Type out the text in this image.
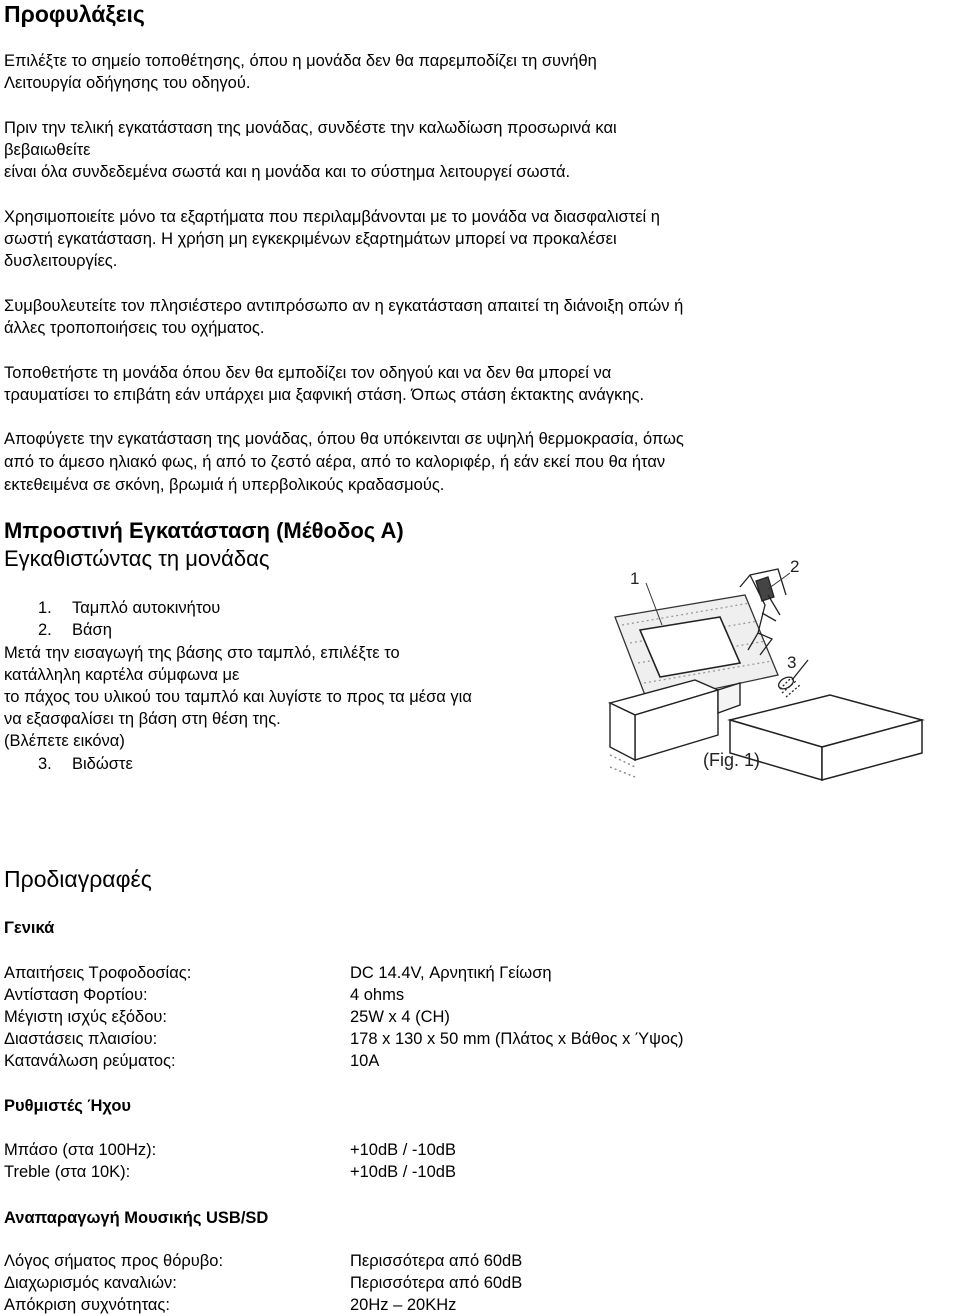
Προφυλάξεις

Επιλέξτε το σημείο τοποθέτησης, όπου η μονάδα δεν θα παρεμποδίζει τη συνήθη

Λειτουργία οδήγησης του οδηγού.

Πριν την τελική εγκατάσταση της μονάδας, συνδέστε την καλωδίωση προσωρινά και

βεβαιωθείτε

είναι όλα συνδεδεμένα σωστά και η μονάδα και το σύστημα λειτουργεί σωστά.

Χρησιμοποιείτε μόνο τα εξαρτήματα που περιλαμβάνονται με το μονάδα να διασφαλιστεί η

σωστή εγκατάσταση. Η χρήση μη εγκεκριμένων εξαρτημάτων μπορεί να προκαλέσει

δυσλειτουργίες.

Συμβουλευτείτε τον πλησιέστερο αντιπρόσωπο αν η εγκατάσταση απαιτεί τη διάνοιξη οπών ή

άλλες τροποποιήσεις του οχήματος.

Τοποθετήστε τη μονάδα όπου δεν θα εμποδίζει τον οδηγού και να δεν θα μπορεί να

τραυματίσει το επιβάτη εάν υπάρχει μια ξαφνική στάση. Όπως στάση έκτακτης ανάγκης.

Αποφύγετε την εγκατάσταση της μονάδας, όπου θα υπόκεινται σε υψηλή θερμοκρασία, όπως

από το άμεσο ηλιακό φως, ή από το ζεστό αέρα, από το καλοριφέρ, ή εάν εκεί που θα ήταν

εκτεθειμένα σε σκόνη, βρωμιά ή υπερβολικούς κραδασμούς.

Μπροστινή Εγκατάσταση (Μέθοδος Α)
Εγκαθιστώντας τη μονάδας
1. Ταμπλό αυτοκινήτου
2. Βάση

Μετά την εισαγωγή της βάσης στο ταμπλό, επιλέξτε το

κατάλληλη καρτέλα σύμφωνα με

το πάχος του υλικού του ταμπλό και λυγίστε το προς τα μέσα για

να εξασφαλίσει τη βάση στη θέση της.

(Βλέπετε εικόνα)

3. Βιδώστε
1
2
3
(Fig. 1)
Προδιαγραφές
Γενικά
Απαιτήσεις Τροφοδοσίας:	DC 14.4V, Αρνητική Γείωση
Αντίσταση Φορτίου:	4 ohms
Μέγιστη ισχύς εξόδου:	25W x 4 (CH)
Διαστάσεις πλαισίου:	178 x 130 x 50 mm (Πλάτος x Βάθος x Ύψος)
Κατανάλωση ρεύματος:	10A
Ρυθμιστές Ήχου
Μπάσο (στα 100Hz):	+10dB / -10dB
Treble (στα 10K):	+10dB / -10dB
Αναπαραγωγή Μουσικής USB/SD
Λόγος σήματος προς θόρυβο:	Περισσότερα από 60dB
Διαχωρισμός καναλιών:	Περισσότερα από 60dB
Απόκριση συχνότητας:	20Hz – 20KHz
